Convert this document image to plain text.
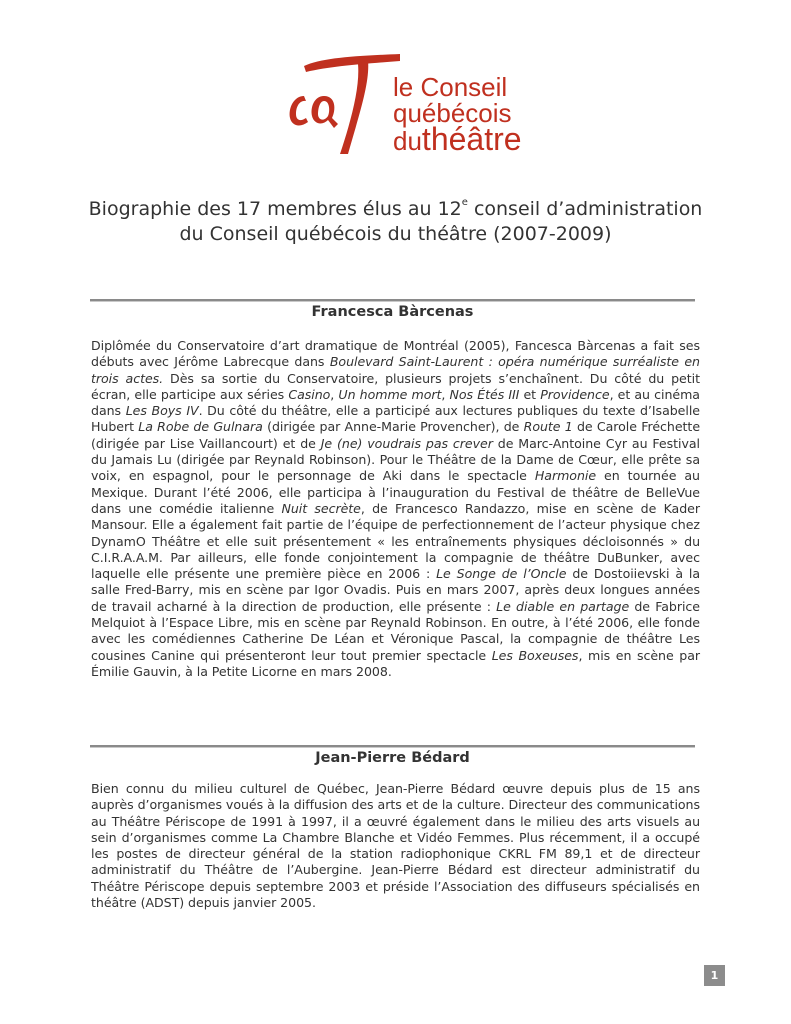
le Conseil
québécois
duthéâtre
Biographie des 17 membres élus au 12e conseil d’administration
du Conseil québécois du théâtre (2007-2009)
Francesca Bàrcenas

Diplômée du Conservatoire d’art dramatique de Montréal (2005), Fancesca Bàrcenas a fait ses débuts avec Jérôme Labrecque dans Boulevard Saint-Laurent : opéra numérique surréaliste en trois actes. Dès sa sortie du Conservatoire, plusieurs projets s’enchaînent. Du côté du petit écran, elle participe aux séries Casino, Un homme mort, Nos Étés III et Providence, et au cinéma dans Les Boys IV. Du côté du théâtre, elle a participé aux lectures publiques du texte d’Isabelle Hubert La Robe de Gulnara (dirigée par Anne-Marie Provencher), de Route 1 de Carole Fréchette (dirigée par Lise Vaillancourt) et de Je (ne) voudrais pas crever de Marc-Antoine Cyr au Festival du Jamais Lu (dirigée par Reynald Robinson). Pour le Théâtre de la Dame de Cœur, elle prête sa voix, en espagnol, pour le personnage de Aki dans le spectacle Harmonie en tournée au Mexique. Durant l’été 2006, elle participa à l’inauguration du Festival de théâtre de BelleVue dans une comédie italienne Nuit secrète, de Francesco Randazzo, mise en scène de Kader Mansour. Elle a également fait partie de l’équipe de perfectionnement de l’acteur physique chez DynamO Théâtre et elle suit présentement « les entraînements physiques décloisonnés » du C.I.R.A.A.M. Par ailleurs, elle fonde conjointement la compagnie de théâtre DuBunker, avec laquelle elle présente une première pièce en 2006 : Le Songe de l’Oncle de Dostoiievski à la salle Fred-Barry, mis en scène par Igor Ovadis. Puis en mars 2007, après deux longues années de travail acharné à la direction de production, elle présente : Le diable en partage de Fabrice Melquiot à l’Espace Libre, mis en scène par Reynald Robinson. En outre, à l’été 2006, elle fonde avec les comédiennes Catherine De Léan et Véronique Pascal, la compagnie de théâtre Les cousines Canine qui présenteront leur tout premier spectacle Les Boxeuses, mis en scène par Émilie Gauvin, à la Petite Licorne en mars 2008.

Jean-Pierre Bédard

Bien connu du milieu culturel de Québec, Jean-Pierre Bédard œuvre depuis plus de 15 ans auprès d’organismes voués à la diffusion des arts et de la culture. Directeur des communications au Théâtre Périscope de 1991 à 1997, il a œuvré également dans le milieu des arts visuels au sein d’organismes comme La Chambre Blanche et Vidéo Femmes. Plus récemment, il a occupé les postes de directeur général de la station radiophonique CKRL FM 89,1 et de directeur administratif du Théâtre de l’Aubergine. Jean-Pierre Bédard est directeur administratif du Théâtre Périscope depuis septembre 2003 et préside l’Association des diffuseurs spécialisés en théâtre (ADST) depuis janvier 2005.

1
